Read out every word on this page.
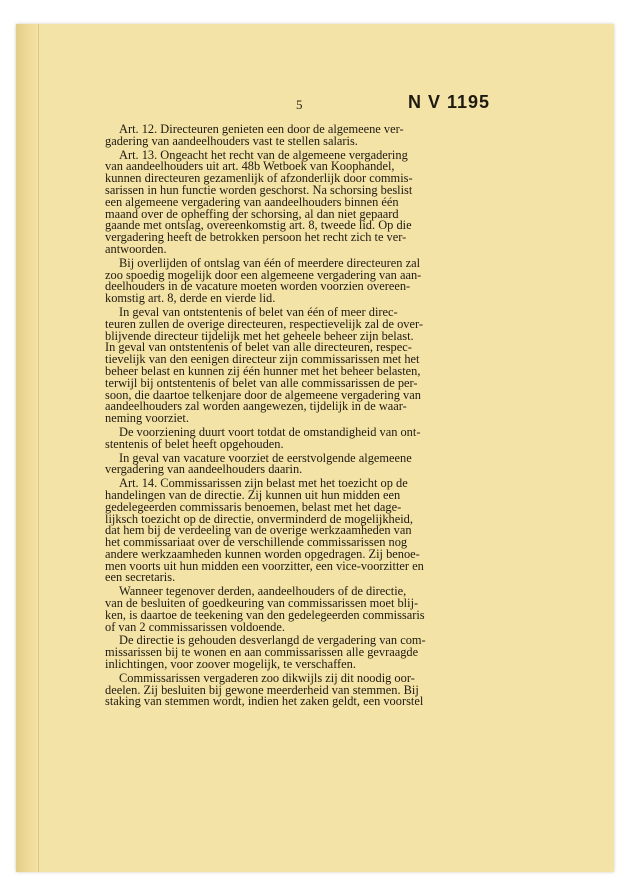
5	N V 1195

Art. 12. Directeuren genieten een door de algemeene ver-
gadering van aandeelhouders vast te stellen salaris.

Art. 13. Ongeacht het recht van de algemeene vergadering
van aandeelhouders uit art. 48b Wetboek van Koophandel,
kunnen directeuren gezamenlijk of afzonderlijk door commis-
sarissen in hun functie worden geschorst. Na schorsing beslist
een algemeene vergadering van aandeelhouders binnen één
maand over de opheffing der schorsing, al dan niet gepaard
gaande met ontslag, overeenkomstig art. 8, tweede lid. Op die
vergadering heeft de betrokken persoon het recht zich te ver-
antwoorden.

Bij overlijden of ontslag van één of meerdere directeuren zal
zoo spoedig mogelijk door een algemeene vergadering van aan-
deelhouders in de vacature moeten worden voorzien overeen-
komstig art. 8, derde en vierde lid.

In geval van ontstentenis of belet van één of meer direc-
teuren zullen de overige directeuren, respectievelijk zal de over-
blijvende directeur tijdelijk met het geheele beheer zijn belast.
In geval van ontstentenis of belet van alle directeuren, respec-
tievelijk van den eenigen directeur zijn commissarissen met het
beheer belast en kunnen zij één hunner met het beheer belasten,
terwijl bij ontstentenis of belet van alle commissarissen de per-
soon, die daartoe telkenjare door de algemeene vergadering van
aandeelhouders zal worden aangewezen, tijdelijk in de waar-
neming voorziet.

De voorziening duurt voort totdat de omstandigheid van ont-
stentenis of belet heeft opgehouden.

In geval van vacature voorziet de eerstvolgende algemeene
vergadering van aandeelhouders daarin.

Art. 14. Commissarissen zijn belast met het toezicht op de
handelingen van de directie. Zij kunnen uit hun midden een
gedelegeerden commissaris benoemen, belast met het dage-
lijksch toezicht op de directie, onverminderd de mogelijkheid,
dat hem bij de verdeeling van de overige werkzaamheden van
het commissariaat over de verschillende commissarissen nog
andere werkzaamheden kunnen worden opgedragen. Zij benoe-
men voorts uit hun midden een voorzitter, een vice-voorzitter en
een secretaris.

Wanneer tegenover derden, aandeelhouders of de directie,
van de besluiten of goedkeuring van commissarissen moet blij-
ken, is daartoe de teekening van den gedelegeerden commissaris
of van 2 commissarissen voldoende.

De directie is gehouden desverlangd de vergadering van com-
missarissen bij te wonen en aan commissarissen alle gevraagde
inlichtingen, voor zoover mogelijk, te verschaffen.

Commissarissen vergaderen zoo dikwijls zij dit noodig oor-
deelen. Zij besluiten bij gewone meerderheid van stemmen. Bij
staking van stemmen wordt, indien het zaken geldt, een voorstel
